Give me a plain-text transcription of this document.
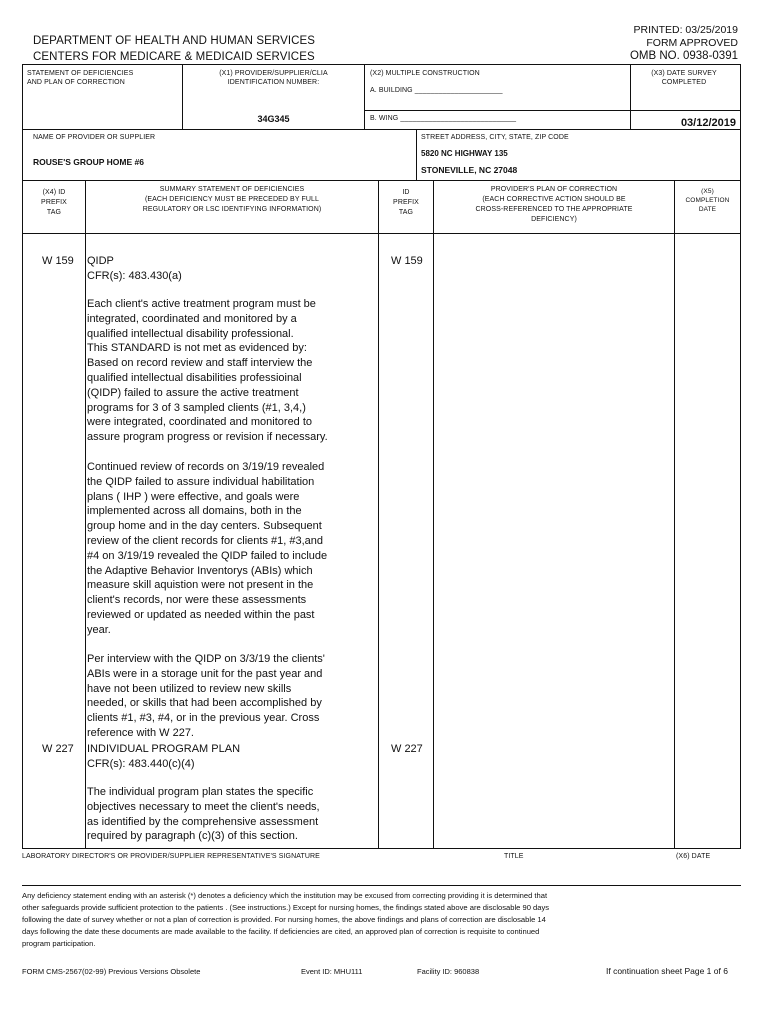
DEPARTMENT OF HEALTH AND HUMAN SERVICES
CENTERS FOR MEDICARE & MEDICAID SERVICES
PRINTED: 03/25/2019
FORM APPROVED
OMB NO. 0938-0391
STATEMENT OF DEFICIENCIES
AND PLAN OF CORRECTION
(X1) PROVIDER/SUPPLIER/CLIA
IDENTIFICATION NUMBER:
34G345
(X2) MULTIPLE CONSTRUCTION
A. BUILDING ______________________
B. WING _____________________________
(X3) DATE SURVEY
COMPLETED
03/12/2019
NAME OF PROVIDER OR SUPPLIER
ROUSE'S GROUP HOME #6
STREET ADDRESS, CITY, STATE, ZIP CODE
5820 NC HIGHWAY 135
STONEVILLE, NC 27048
(X4) ID
PREFIX
TAG
SUMMARY STATEMENT OF DEFICIENCIES
(EACH DEFICIENCY MUST BE PRECEDED BY FULL
REGULATORY OR LSC IDENTIFYING INFORMATION)
ID
PREFIX
TAG
PROVIDER'S PLAN OF CORRECTION
(EACH CORRECTIVE ACTION SHOULD BE
CROSS-REFERENCED TO THE APPROPRIATE
DEFICIENCY)
(X5)
COMPLETION
DATE
W 159	W 159
QIDP
CFR(s): 483.430(a)
Each client's active treatment program must be
integrated, coordinated and monitored by a
qualified intellectual disability professional.
This STANDARD is not met as evidenced by:
Based on record review and staff interview the
qualified intellectual disabilities professioinal
(QIDP) failed to assure the active treatment
programs for 3 of 3 sampled clients (#1, 3,4,)
were integrated, coordinated and monitored to
assure program progress or revision if necessary.
Continued review of records on 3/19/19 revealed
the QIDP failed to assure individual habilitation
plans ( IHP ) were effective, and goals were
implemented across all domains, both in the
group home and in the day centers. Subsequent
review of the client records for clients #1, #3,and
#4 on 3/19/19 revealed the QIDP failed to include
the Adaptive Behavior Inventorys (ABIs) which
measure skill aquistion were not present in the
client's records, nor were these assessments
reviewed or updated as needed within the past
year.
Per interview with the QIDP on 3/3/19 the clients'
ABIs were in a storage unit for the past year and
have not been utilized to review new skills
needed, or skills that had been accomplished by
clients #1, #3, #4, or in the previous year. Cross
reference with W 227.
W 227	W 227
INDIVIDUAL PROGRAM PLAN
CFR(s): 483.440(c)(4)
The individual program plan states the specific
objectives necessary to meet the client's needs,
as identified by the comprehensive assessment
required by paragraph (c)(3) of this section.
LABORATORY DIRECTOR'S OR PROVIDER/SUPPLIER REPRESENTATIVE'S SIGNATURE	TITLE	(X6) DATE
Any deficiency statement ending with an asterisk (*) denotes a deficiency which the institution may be excused from correcting providing it is determined that
other safeguards provide sufficient protection to the patients . (See instructions.) Except for nursing homes, the findings stated above are disclosable 90 days
following the date of survey whether or not a plan of correction is provided. For nursing homes, the above findings and plans of correction are disclosable 14
days following the date these documents are made available to the facility. If deficiencies are cited, an approved plan of correction is requisite to continued
program participation.
FORM CMS-2567(02-99) Previous Versions Obsolete	Event ID: MHU111	Facility ID: 960838	If continuation sheet Page 1 of 6
